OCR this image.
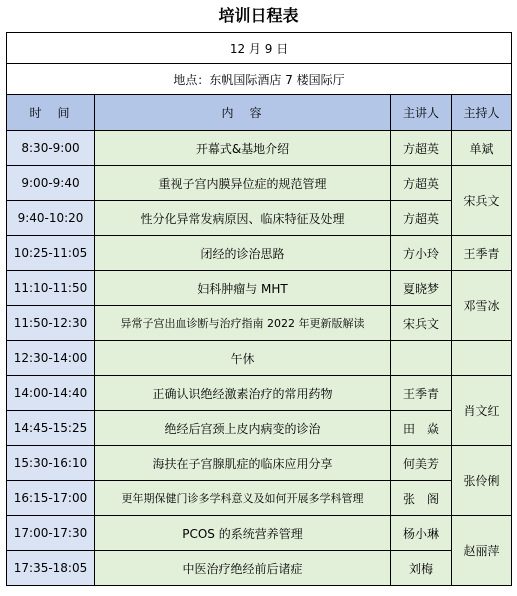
培训日程表
12 月 9 日			
地点：东帆国际酒店 7 楼国际厅			
时　间	内　容	主讲人	主持人
8:30-9:00	开幕式&基地介绍	方超英	单斌
9:00-9:40	重视子宫内膜异位症的规范管理	方超英	宋兵文
9:40-10:20	性分化异常发病原因、临床特征及处理	方超英	
10:25-11:05	闭经的诊治思路	方小玲	王季青
11:10-11:50	妇科肿瘤与 MHT	夏晓梦	邓雪冰
11:50-12:30	异常子宫出血诊断与治疗指南 2022 年更新版解读	宋兵文	
12:30-14:00	午休		
14:00-14:40	正确认识绝经激素治疗的常用药物	王季青	肖文红
14:45-15:25	绝经后宫颈上皮内病变的诊治	田　焱	
15:30-16:10	海扶在子宫腺肌症的临床应用分享	何美芳	张伶俐
16:15-17:00	更年期保健门诊多学科意义及如何开展多学科管理	张　阁	
17:00-17:30	PCOS 的系统营养管理	杨小琳	赵丽萍
17:35-18:05	中医治疗绝经前后诸症	刘梅	
